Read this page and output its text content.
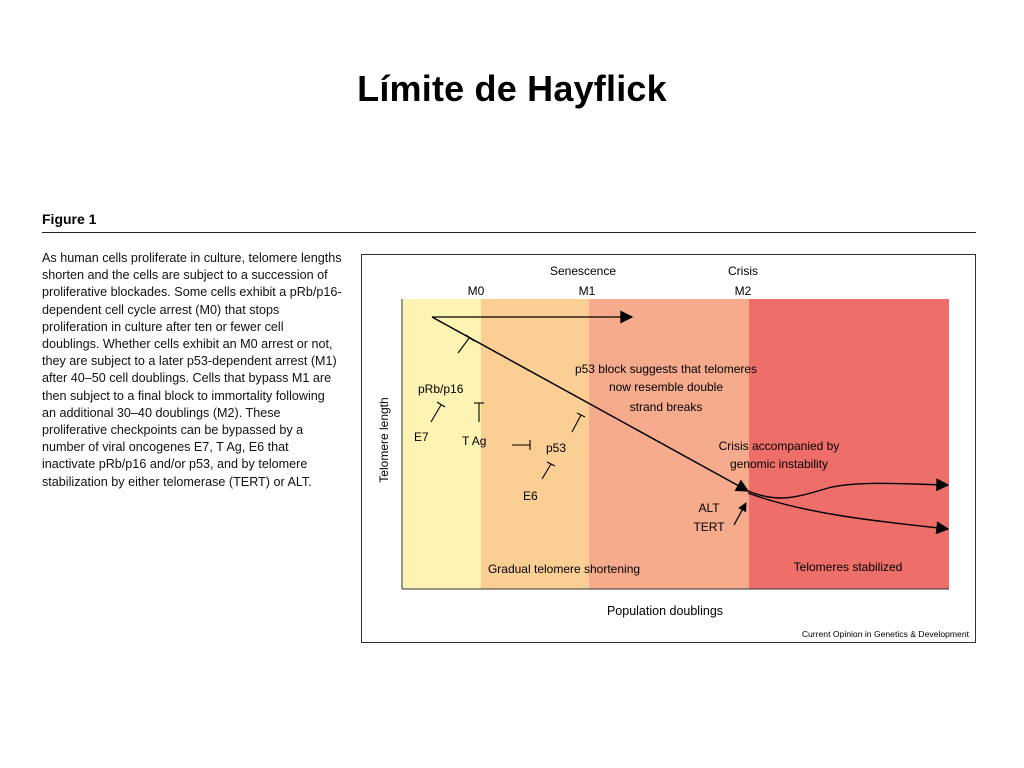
Límite de Hayflick
Figure 1
As human cells proliferate in culture, telomere lengths shorten and the cells are subject to a succession of proliferative blockades. Some cells exhibit a pRb/p16-dependent cell cycle arrest (M0) that stops proliferation in culture after ten or fewer cell doublings. Whether cells exhibit an M0 arrest or not, they are subject to a later p53-dependent arrest (M1) after 40–50 cell doublings. Cells that bypass M1 are then subject to a final block to immortality following an additional 30–40 doublings (M2). These proliferative checkpoints can be bypassed by a number of viral oncogenes E7, T Ag, E6 that inactivate pRb/p16 and/or p53, and by telomere stabilization by either telomerase (TERT) or ALT.
M0
Senescence
M1
Crisis
M2
Telomere length
Population doublings
pRb/p16
E7	T Ag	p53
E6
p53 block suggests that telomeres
now resemble double
strand breaks
Crisis accompanied by
genomic instability
ALT
TERT
Gradual telomere shortening	Telomeres stabilized
Current Opinion in Genetics & Development
